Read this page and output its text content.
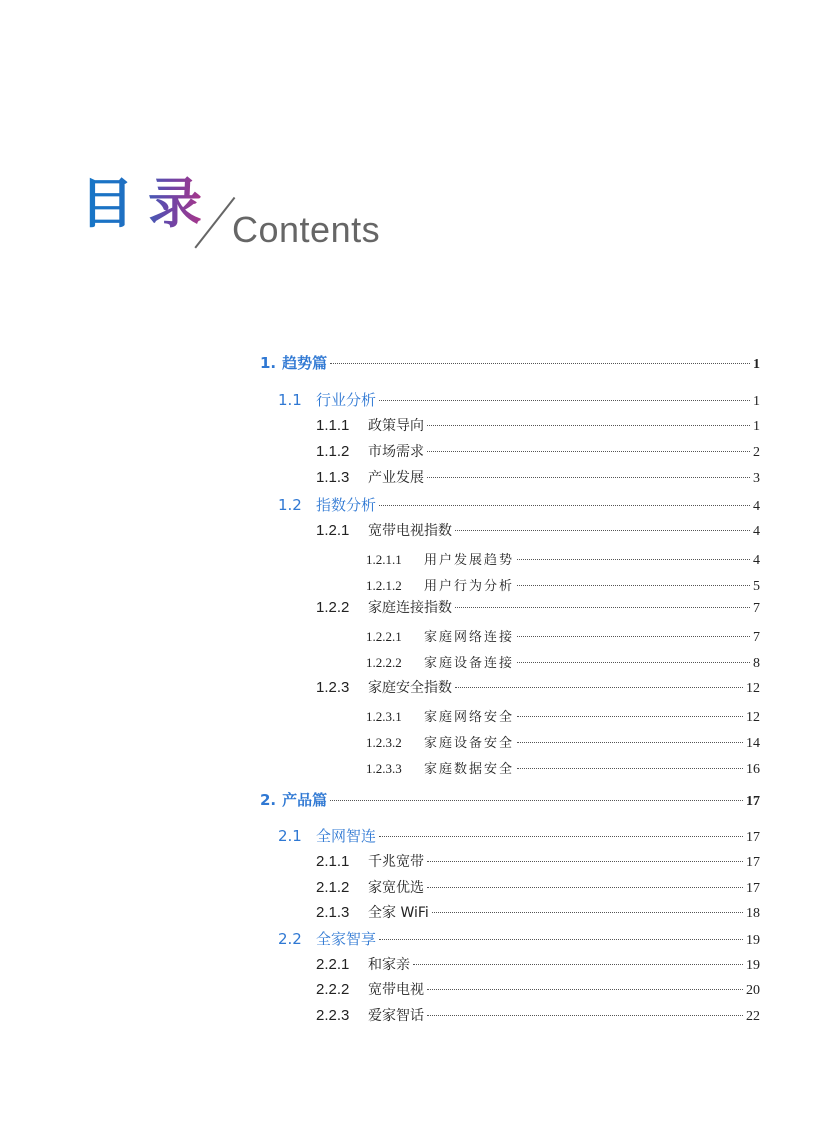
目录 Contents
1. 趋势篇	1
1.1 行业分析	1
1.1.1	政策导向	1
1.1.2	市场需求	2
1.1.3	产业发展	3
1.2 指数分析	4
1.2.1	宽带电视指数	4
1.2.1.1	用户发展趋势	4
1.2.1.2	用户行为分析	5
1.2.2	家庭连接指数	7
1.2.2.1	家庭网络连接	7
1.2.2.2	家庭设备连接	8
1.2.3	家庭安全指数	12
1.2.3.1	家庭网络安全	12
1.2.3.2	家庭设备安全	14
1.2.3.3	家庭数据安全	16
2. 产品篇	17
2.1 全网智连	17
2.1.1	千兆宽带	17
2.1.2	家宽优选	17
2.1.3	全家 WiFi	18
2.2 全家智享	19
2.2.1	和家亲	19
2.2.2	宽带电视	20
2.2.3	爱家智话	22
